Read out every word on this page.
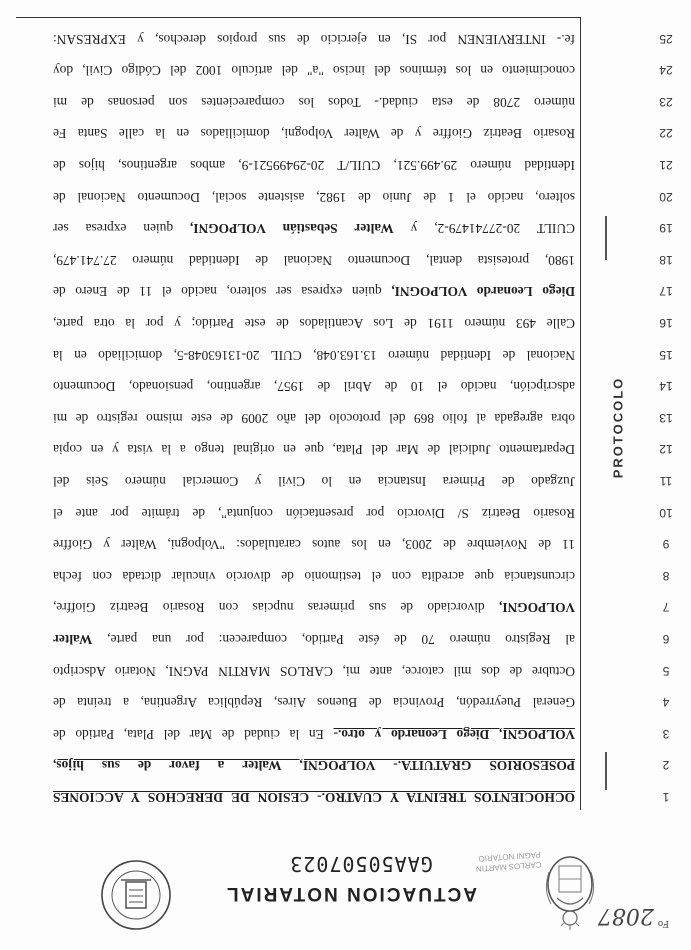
$^{Fo}$2087
ACTUACION NOTARIAL
GAA50507023	CARLOS MARTIN PAGNI NOTARIO
PROTOCOLO
1
OCHOCIENTOS TREINTA Y CUATRO.- CESION DE DERECHOS Y ACCIONES
2
POSESORIOS GRATUITA.- VOLPOGNI, Walter a favor de sus hijos,
3
VOLPOGNI, Diego Leonardo y otro.- En la ciudad de Mar del Plata, Partido de
4
General Pueyrredón, Provincia de Buenos Aires, República Argentina, a treinta de
5
Octubre de dos mil catorce, ante mi, CARLOS MARTIN PAGNI, Notario Adscripto
6
al Registro número 70 de éste Partido, comparecen: por una parte, Walter
7
VOLPOGNI, divorciado de sus primeras nupcias con Rosario Beatriz Gioffre,
8
circunstancia que acredita con el testimonio de divorcio vincular dictada con fecha
9
11 de Noviembre de 2003, en los autos caratulados: "Volpogni, Walter y Gioffre
10
Rosario Beatriz S/ Divorcio por presentación conjunta", de trámite por ante el
11
Juzgado de Primera Instancia en lo Civil y Comercial número Seis del
12
Departamento Judicial de Mar del Plata, que en original tengo a la vista y en copia
13
obra agregada al folio 869 del protocolo del año 2009 de este mismo registro de mi
14
adscripción, nacido el 10 de Abril de 1957, argentino, pensionado, Documento
15
Nacional de Identidad número 13.163.048, CUIL 20-13163048-5, domiciliado en la
16
Calle 493 número 1191 de Los Acantilados de este Partido; y por la otra parte,
17
Diego Leonardo VOLPOGNI, quien expresa ser soltero, nacido el 11 de Enero de
18
1980, protesista dental, Documento Nacional de Identidad número 27.741.479,
19
CUILT 20-27741479-2, y Walter Sebastián VOLPOGNI, quien expresa ser
20
soltero, nacido el 1 de Junio de 1982, asistente social, Documento Nacional de
21
Identidad número 29.499.521, CUIL/T 20-29499521-9, ambos argentinos, hijos de
22
Rosario Beatriz Gioffre y de Walter Volpogni, domiciliados en la calle Santa Fe
23
número 2708 de esta ciudad.- Todos los comparecientes son personas de mi
24
conocimiento en los términos del inciso "a" del artículo 1002 del Código Civil, doy
25
fe.- INTERVIENEN por SI, en ejercicio de sus propios derechos, y EXPRESAN:
